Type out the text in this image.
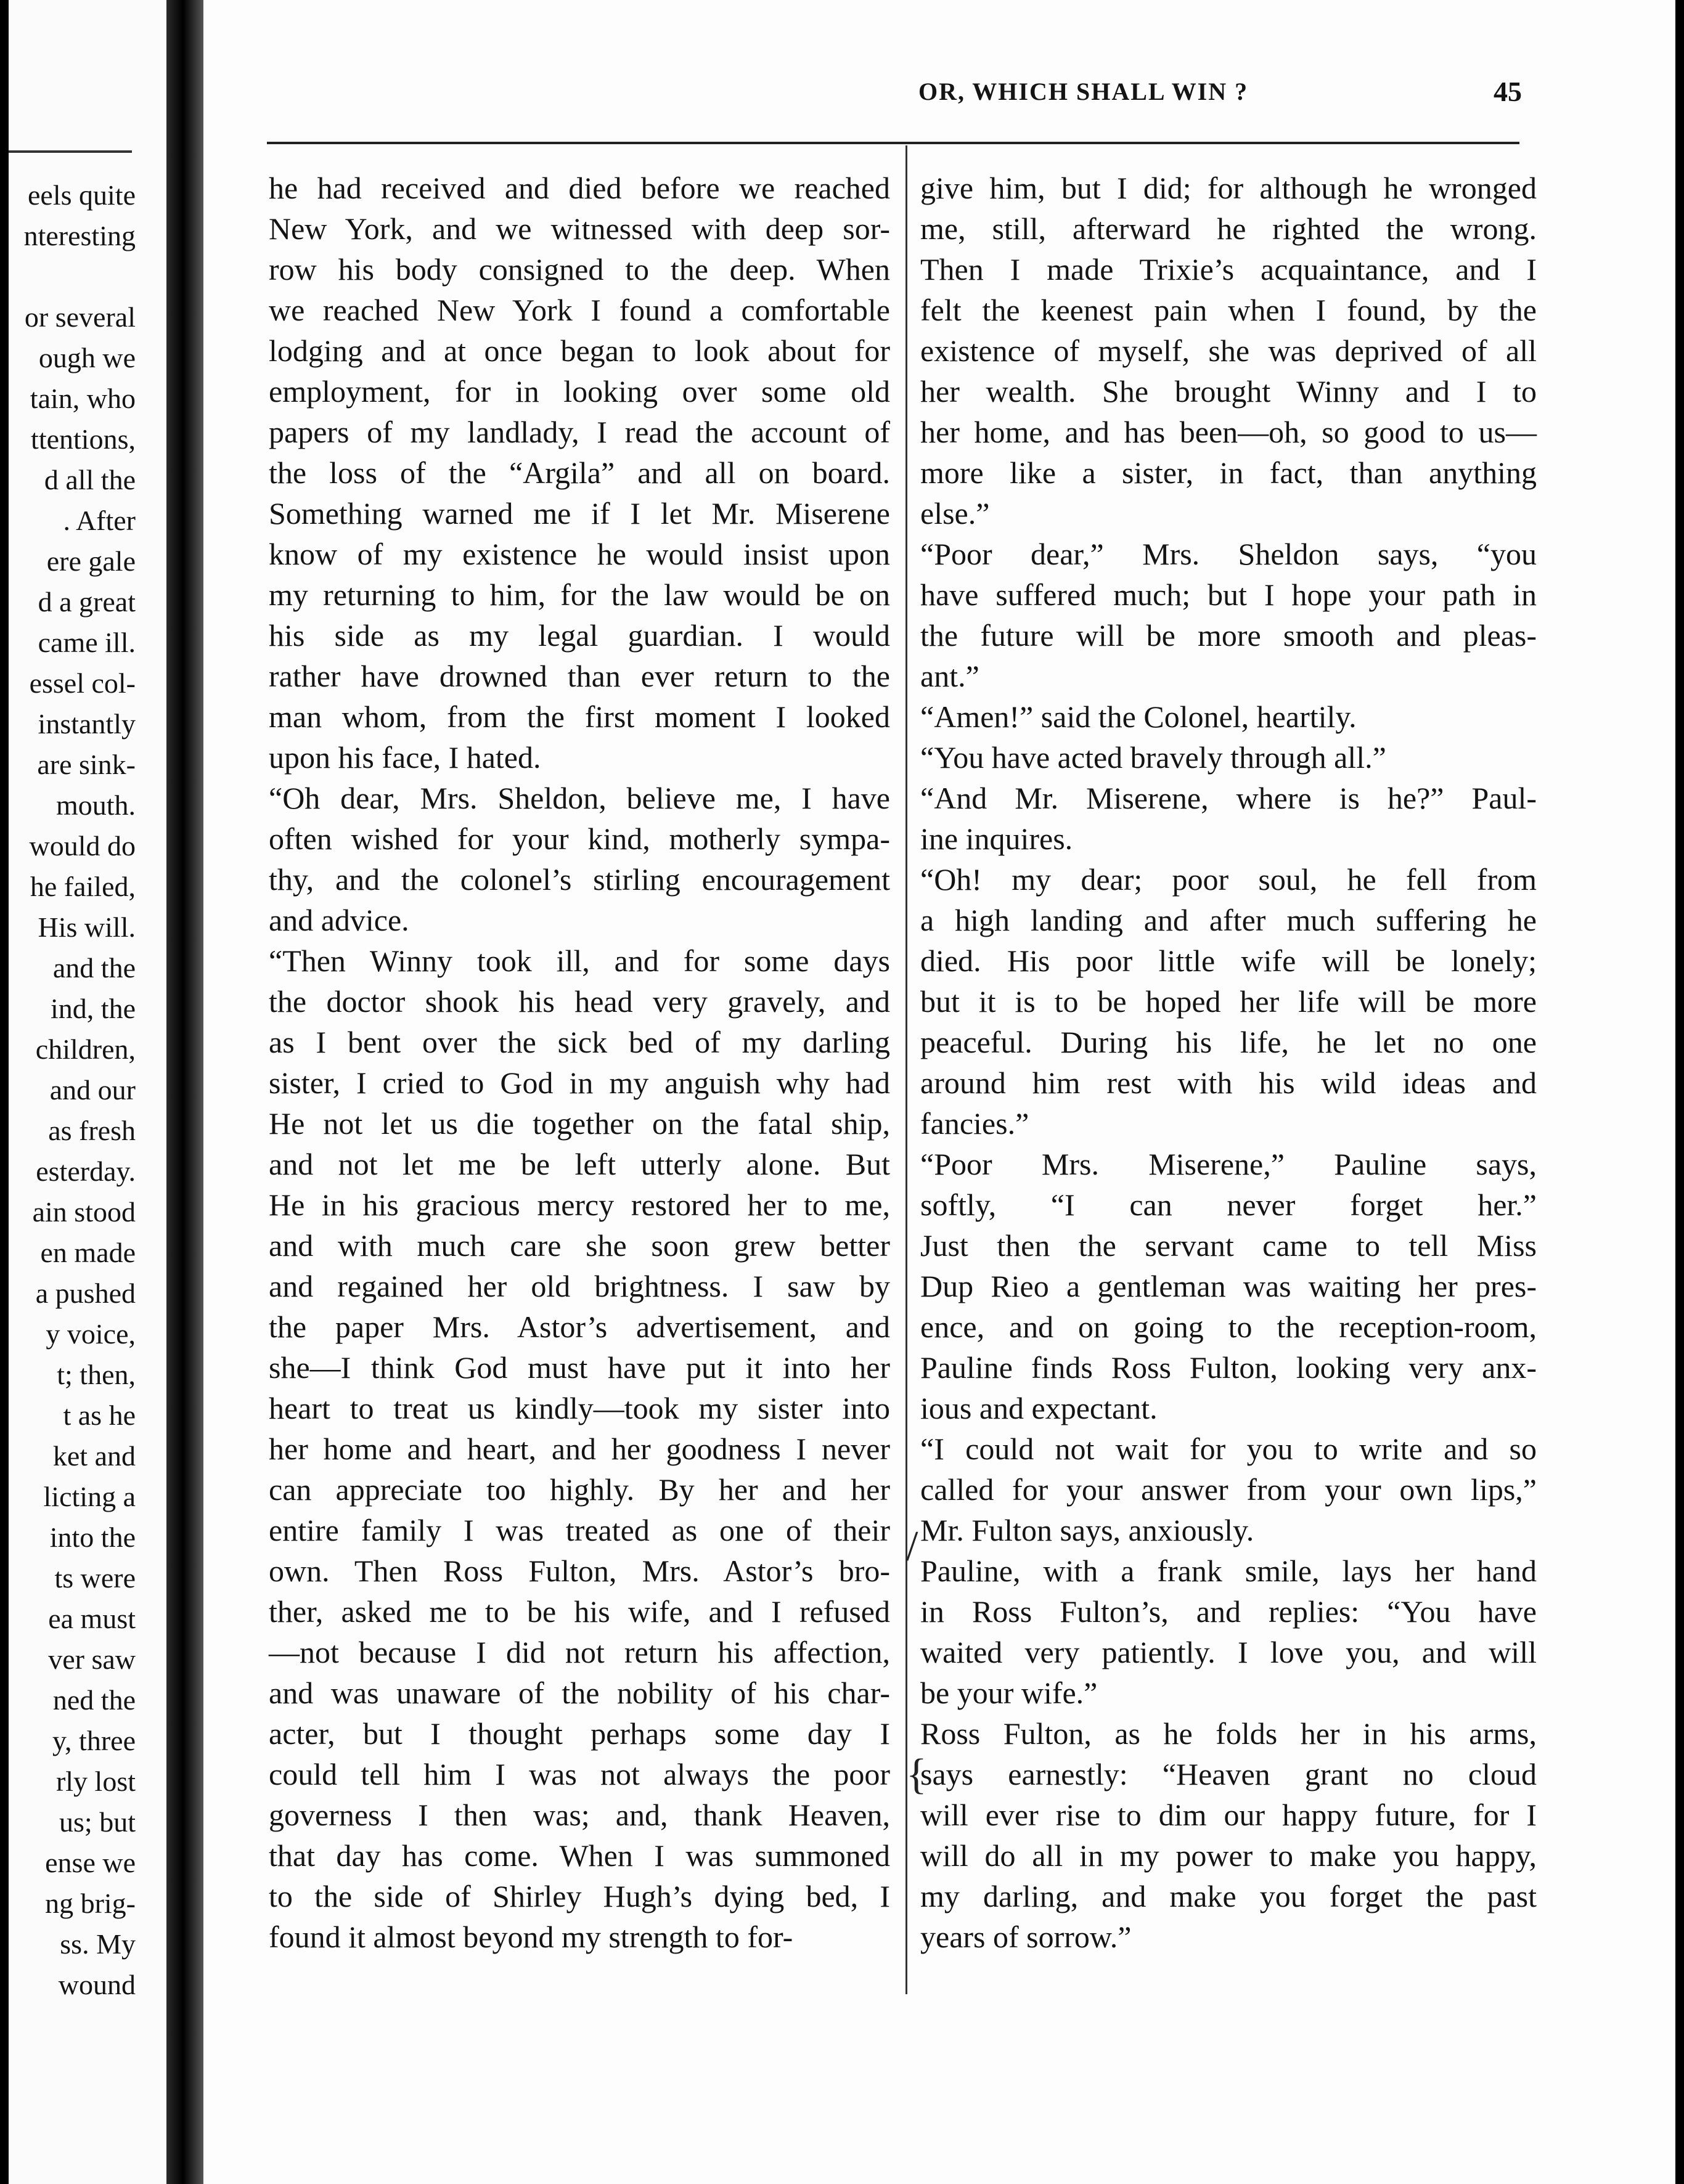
eels quite
nteresting
or several
ough we
tain, who
ttentions,
d all the
. After
ere gale
d a great
came ill.
essel col-
instantly
are sink-
mouth.
would do
he failed,
His will.
and the
ind, the
children,
and our
as fresh
esterday.
ain stood
en made
a pushed
y voice,
t; then,
t as he
ket and
licting a
into the
ts were
ea must
ver saw
ned the
y, three
rly lost
us; but
ense we
ng brig-
ss. My
wound
OR, WHICH SHALL WIN ?	45
he had received and died before we reached
New York, and we witnessed with deep sor-
row his body consigned to the deep. When
we reached New York I found a comfortable
lodging and at once began to look about for
employment, for in looking over some old
papers of my landlady, I read the account of
the loss of the “Argila” and all on board.
Something warned me if I let Mr. Miserene
know of my existence he would insist upon
my returning to him, for the law would be on
his side as my legal guardian. I would
rather have drowned than ever return to the
man whom, from the first moment I looked
upon his face, I hated.
“Oh dear, Mrs. Sheldon, believe me, I have
often wished for your kind, motherly sympa-
thy, and the colonel’s stirling encouragement
and advice.
“Then Winny took ill, and for some days
the doctor shook his head very gravely, and
as I bent over the sick bed of my darling
sister, I cried to God in my anguish why had
He not let us die together on the fatal ship,
and not let me be left utterly alone. But
He in his gracious mercy restored her to me,
and with much care she soon grew better
and regained her old brightness. I saw by
the paper Mrs. Astor’s advertisement, and
she—I think God must have put it into her
heart to treat us kindly—took my sister into
her home and heart, and her goodness I never
can appreciate too highly. By her and her
entire family I was treated as one of their
own. Then Ross Fulton, Mrs. Astor’s bro-
ther, asked me to be his wife, and I refused
—not because I did not return his affection,
and was unaware of the nobility of his char-
acter, but I thought perhaps some day I
could tell him I was not always the poor
governess I then was; and, thank Heaven,
that day has come. When I was summoned
to the side of Shirley Hugh’s dying bed, I
found it almost beyond my strength to for-
give him, but I did; for although he wronged
me, still, afterward he righted the wrong.
Then I made Trixie’s acquaintance, and I
felt the keenest pain when I found, by the
existence of myself, she was deprived of all
her wealth. She brought Winny and I to
her home, and has been—oh, so good to us—
more like a sister, in fact, than anything
else.”
“Poor dear,” Mrs. Sheldon says, “you
have suffered much; but I hope your path in
the future will be more smooth and pleas-
ant.”
“Amen!” said the Colonel, heartily.
“You have acted bravely through all.”
“And Mr. Miserene, where is he?” Paul-
ine inquires.
“Oh! my dear; poor soul, he fell from
a high landing and after much suffering he
died. His poor little wife will be lonely;
but it is to be hoped her life will be more
peaceful. During his life, he let no one
around him rest with his wild ideas and
fancies.”
“Poor Mrs. Miserene,” Pauline says,
softly, “I can never forget her.”
Just then the servant came to tell Miss
Dup Rieo a gentleman was waiting her pres-
ence, and on going to the reception-room,
Pauline finds Ross Fulton, looking very anx-
ious and expectant.
“I could not wait for you to write and so
called for your answer from your own lips,”
Mr. Fulton says, anxiously.
Pauline, with a frank smile, lays her hand
in Ross Fulton’s, and replies: “You have
waited very patiently. I love you, and will
be your wife.”
Ross Fulton, as he folds her in his arms,
says earnestly: “Heaven grant no cloud
will ever rise to dim our happy future, for I
will do all in my power to make you happy,
my darling, and make you forget the past
years of sorrow.”
/
{
